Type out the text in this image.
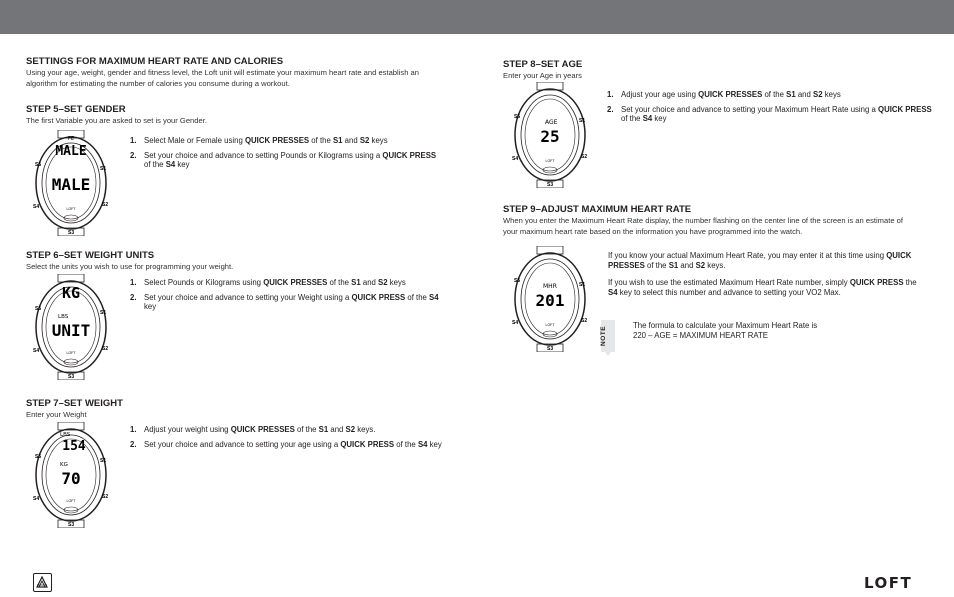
SETTINGS FOR MAXIMUM HEART RATE AND CALORIES
Using your age, weight, gender and fitness level, the Loft unit will estimate your maximum heart rate and establish an
algorithm for estimating the number of calories you consume during a workout.
STEP 5–SET GENDER
The first Variable you are asked to set is your Gender.
FE
MALE
MALE
S5
S1
S4	S2
S3
LOFT
1. Select Male or Female using QUICK PRESSES of the S1 and S2 keys
2. Set your choice and advance to setting Pounds or Kilograms using a QUICK PRESS of the S4 key
STEP 6–SET WEIGHT UNITS
Select the units you wish to use for programming your weight.
KG
LBS
UNIT
S5
S1
S4	S2
S3
LOFT
1. Select Pounds or Kilograms using QUICK PRESSES of the S1 and S2 keys
2. Set your choice and advance to setting your Weight using a QUICK PRESS of the S4 key
STEP 7–SET WEIGHT
Enter your Weight
LBS
154
KG
70
S5
S1
S4	S2
S3
LOFT
1. Adjust your weight using QUICK PRESSES of the S1 and S2 keys.
2. Set your choice and advance to setting your age using a QUICK PRESS of the S4 key
STEP 8–SET AGE
Enter your Age in years
AGE
25
S5
S1
S4	S2
S3
LOFT
1. Adjust your age using QUICK PRESSES of the S1 and S2 keys
2. Set your choice and advance to setting your Maximum Heart Rate using a QUICK PRESS of the S4 key
STEP 9–ADJUST MAXIMUM HEART RATE
When you enter the Maximum Heart Rate display, the number flashing on the center line of the screen is an estimate of
your maximum heart rate based on the information you have programmed into the watch.
MHR
201
S5
S1
S4	S2
S3
LOFT
If you know your actual Maximum Heart Rate, you may enter it at this time using QUICK
PRESSES of the S1 and S2 keys.
If you wish to use the estimated Maximum Heart Rate number, simply QUICK PRESS the
S4 key to select this number and advance to setting your VO2 Max.
NOTE
The formula to calculate your Maximum Heart Rate is
220 – AGE = MAXIMUM HEART RATE
LOFT
